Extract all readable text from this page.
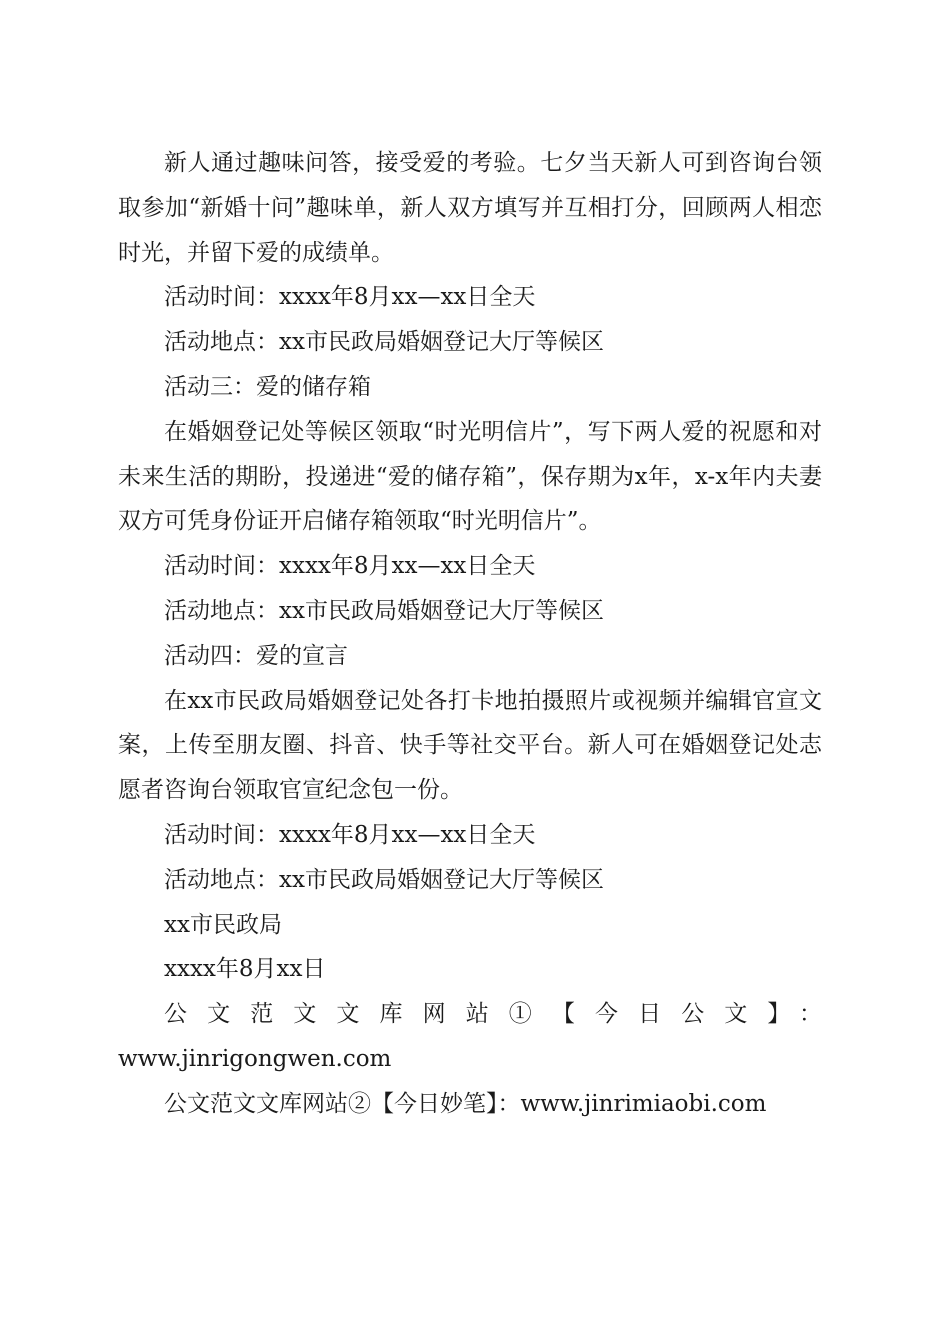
新人通过趣味问答，接受爱的考验。七夕当天新人可到咨询台领取参加“新婚十问”趣味单，新人双方填写并互相打分，回顾两人相恋时光，并留下爱的成绩单。

活动时间：xxxx年8月xx—xx日全天

活动地点：xx市民政局婚姻登记大厅等候区

活动三：爱的储存箱

在婚姻登记处等候区领取“时光明信片”，写下两人爱的祝愿和对未来生活的期盼，投递进“爱的储存箱”，保存期为x年，x-x年内夫妻双方可凭身份证开启储存箱领取“时光明信片”。

活动时间：xxxx年8月xx—xx日全天

活动地点：xx市民政局婚姻登记大厅等候区

活动四：爱的宣言

在xx市民政局婚姻登记处各打卡地拍摄照片或视频并编辑官宣文案，上传至朋友圈、抖音、快手等社交平台。新人可在婚姻登记处志愿者咨询台领取官宣纪念包一份。

活动时间：xxxx年8月xx—xx日全天

活动地点：xx市民政局婚姻登记大厅等候区

xx市民政局

xxxx年8月xx日

公文范文文库网站①【今日公文】：

www.jinrigongwen.com

公文范文文库网站②【今日妙笔】：www.jinrimiaobi.com
